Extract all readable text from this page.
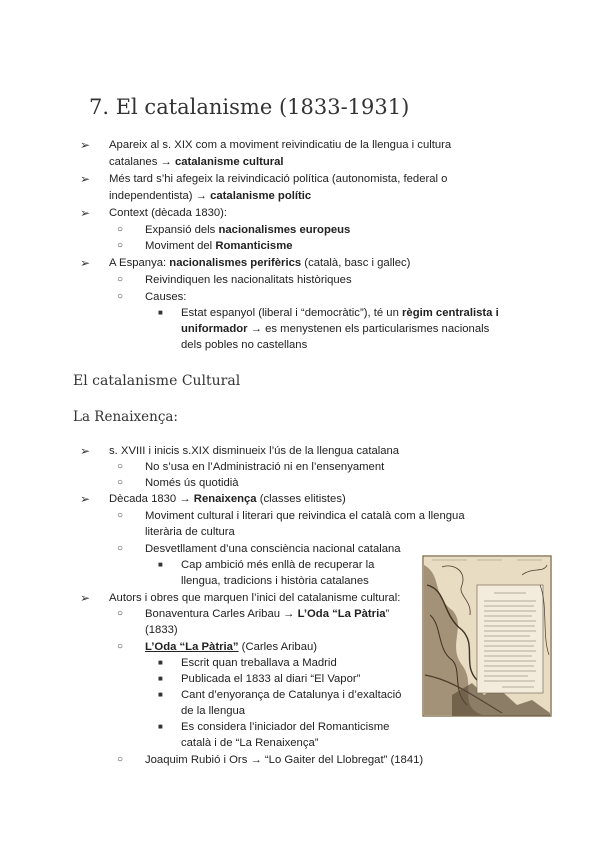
7. El catalanisme (1833-1931)
➢ Apareix al s. XIX com a moviment reivindicatiu de la llengua i cultura
catalanes → catalanisme cultural
➢ Més tard s’hi afegeix la reivindicació política (autonomista, federal o
independentista) → catalanisme polític
➢ Context (dècada 1830):
○ Expansió dels nacionalismes europeus
○ Moviment del Romanticisme
➢ A Espanya: nacionalismes perifèrics (català, basc i gallec)
○ Reivindiquen les nacionalitats històriques
○ Causes:
■ Estat espanyol (liberal i “democràtic”), té un règim centralista i
uniformador → es menystenen els particularismes nacionals
dels pobles no castellans
El catalanisme Cultural
La Renaixença:
➢ s. XVIII i inicis s.XIX disminueix l’ús de la llengua catalana
○ No s’usa en l’Administració ni en l’ensenyament
○ Només ús quotidià
➢ Dècada 1830 → Renaixença (classes elitistes)
○ Moviment cultural i literari que reivindica el català com a llengua
literària de cultura
○ Desvetllament d’una consciència nacional catalana
■ Cap ambició més enllà de recuperar la
llengua, tradicions i història catalanes
➢ Autors i obres que marquen l’inici del catalanisme cultural:
○ Bonaventura Carles Aribau → L’Oda “La Pàtria”
(1833)
○ L’Oda “La Pàtria” (Carles Aribau)
■ Escrit quan treballava a Madrid
■ Publicada el 1833 al diari “El Vapor”
■ Cant d’enyorança de Catalunya i d’exaltació
de la llengua
■ Es considera l’iniciador del Romanticisme
català i de “La Renaixença”
○ Joaquim Rubió i Ors → “Lo Gaiter del Llobregat” (1841)
